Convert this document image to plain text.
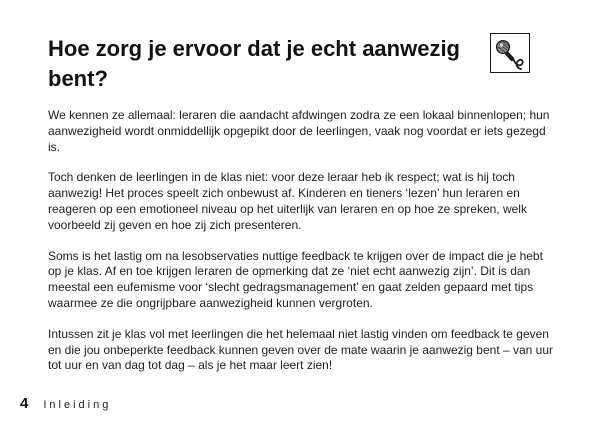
Hoe zorg je ervoor dat je echt aanwezig bent?

We kennen ze allemaal: leraren die aandacht afdwingen zodra ze een lokaal binnenlopen; hun aanwezigheid wordt onmiddellijk opgepikt door de leerlingen, vaak nog voordat er iets gezegd is.

Toch denken de leerlingen in de klas niet: voor deze leraar heb ik respect; wat is hij toch aanwezig! Het proces speelt zich onbewust af. Kinderen en tieners ‘lezen’ hun leraren en reageren op een emotioneel niveau op het uiterlijk van leraren en op hoe ze spreken, welk voorbeeld zij geven en hoe zij zich presenteren.

Soms is het lastig om na lesobservaties nuttige feedback te krijgen over de impact die je hebt op je klas. Af en toe krijgen leraren de opmerking dat ze ‘niet echt aanwezig zijn’. Dit is dan meestal een eufemisme voor ‘slecht gedragsmanagement’ en gaat zelden gepaard met tips waarmee ze die ongrijpbare aanwezigheid kunnen vergroten.

Intussen zit je klas vol met leerlingen die het helemaal niet lastig vinden om feedback te geven en die jou onbeperkte feedback kunnen geven over de mate waarin je aanwezig bent – van uur tot uur en van dag tot dag – als je het maar leert zien!

4 Inleiding
